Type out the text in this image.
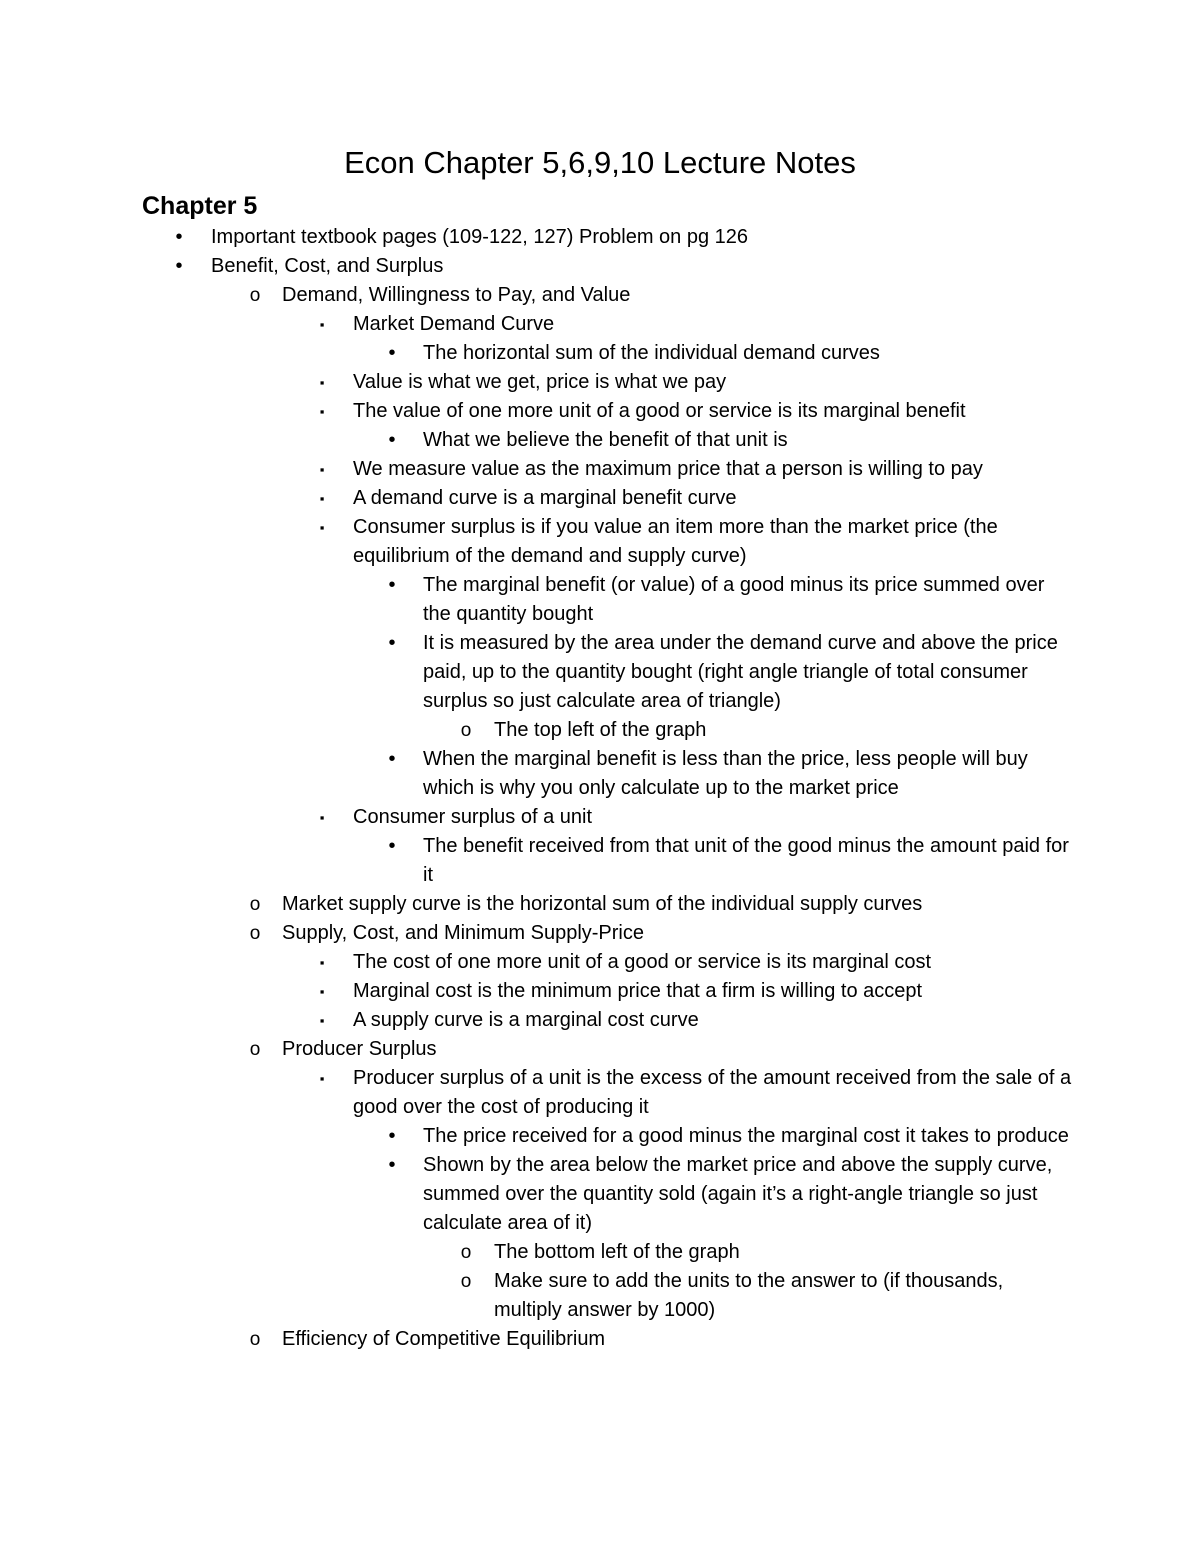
Econ Chapter 5,6,9,10 Lecture Notes
Chapter 5
•	Important textbook pages (109-122, 127) Problem on pg 126
•	Benefit, Cost, and Surplus
o	Demand, Willingness to Pay, and Value
▪	Market Demand Curve
•	The horizontal sum of the individual demand curves
▪	Value is what we get, price is what we pay
▪	The value of one more unit of a good or service is its marginal benefit
•	What we believe the benefit of that unit is
▪	We measure value as the maximum price that a person is willing to pay
▪	A demand curve is a marginal benefit curve
▪	Consumer surplus is if you value an item more than the market price (the equilibrium of the demand and supply curve)
•	The marginal benefit (or value) of a good minus its price summed over the quantity bought
•	It is measured by the area under the demand curve and above the price paid, up to the quantity bought (right angle triangle of total consumer surplus so just calculate area of triangle)
o	The top left of the graph
•	When the marginal benefit is less than the price, less people will buy which is why you only calculate up to the market price
▪	Consumer surplus of a unit
•	The benefit received from that unit of the good minus the amount paid for it
o	Market supply curve is the horizontal sum of the individual supply curves
o	Supply, Cost, and Minimum Supply-Price
▪	The cost of one more unit of a good or service is its marginal cost
▪	Marginal cost is the minimum price that a firm is willing to accept
▪	A supply curve is a marginal cost curve
o	Producer Surplus
▪	Producer surplus of a unit is the excess of the amount received from the sale of a good over the cost of producing it
•	The price received for a good minus the marginal cost it takes to produce
•	Shown by the area below the market price and above the supply curve, summed over the quantity sold (again it’s a right-angle triangle so just calculate area of it)
o	The bottom left of the graph
o	Make sure to add the units to the answer to (if thousands, multiply answer by 1000)
o	Efficiency of Competitive Equilibrium
